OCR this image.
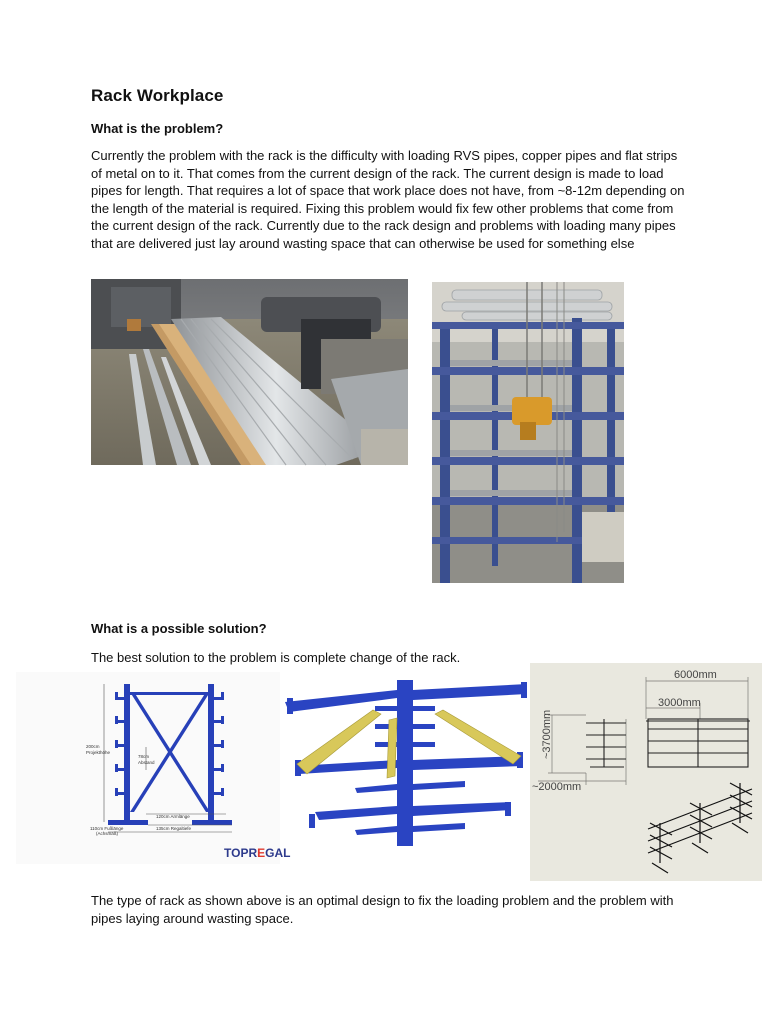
Rack Workplace

What is the problem?

Currently the problem with the rack is the difficulty with loading RVS pipes, copper pipes and flat strips of metal on to it. That comes from the current design of the rack. The current design is made to load pipes for length. That requires a lot of space that work place does not have, from ~8-12m depending on the length of the material is required. Fixing this problem would fix few other problems that come from the current design of the rack. Currently due to the rack design and problems with loading many pipes that are delivered just lay around wasting space that can otherwise be used for something else

What is a possible solution?

The best solution to the problem is complete change of the rack.

200cm
Projekthöhe
78cm
Abstand
120cm Armlänge
110cm Fußlänge
(Achsmaß)
135cm Regaltiefe
TOPREGAL
6000mm
3000mm
~2000mm
~3700mm

The type of rack as shown above is an optimal design to fix the loading problem and the problem with pipes laying around wasting space.
